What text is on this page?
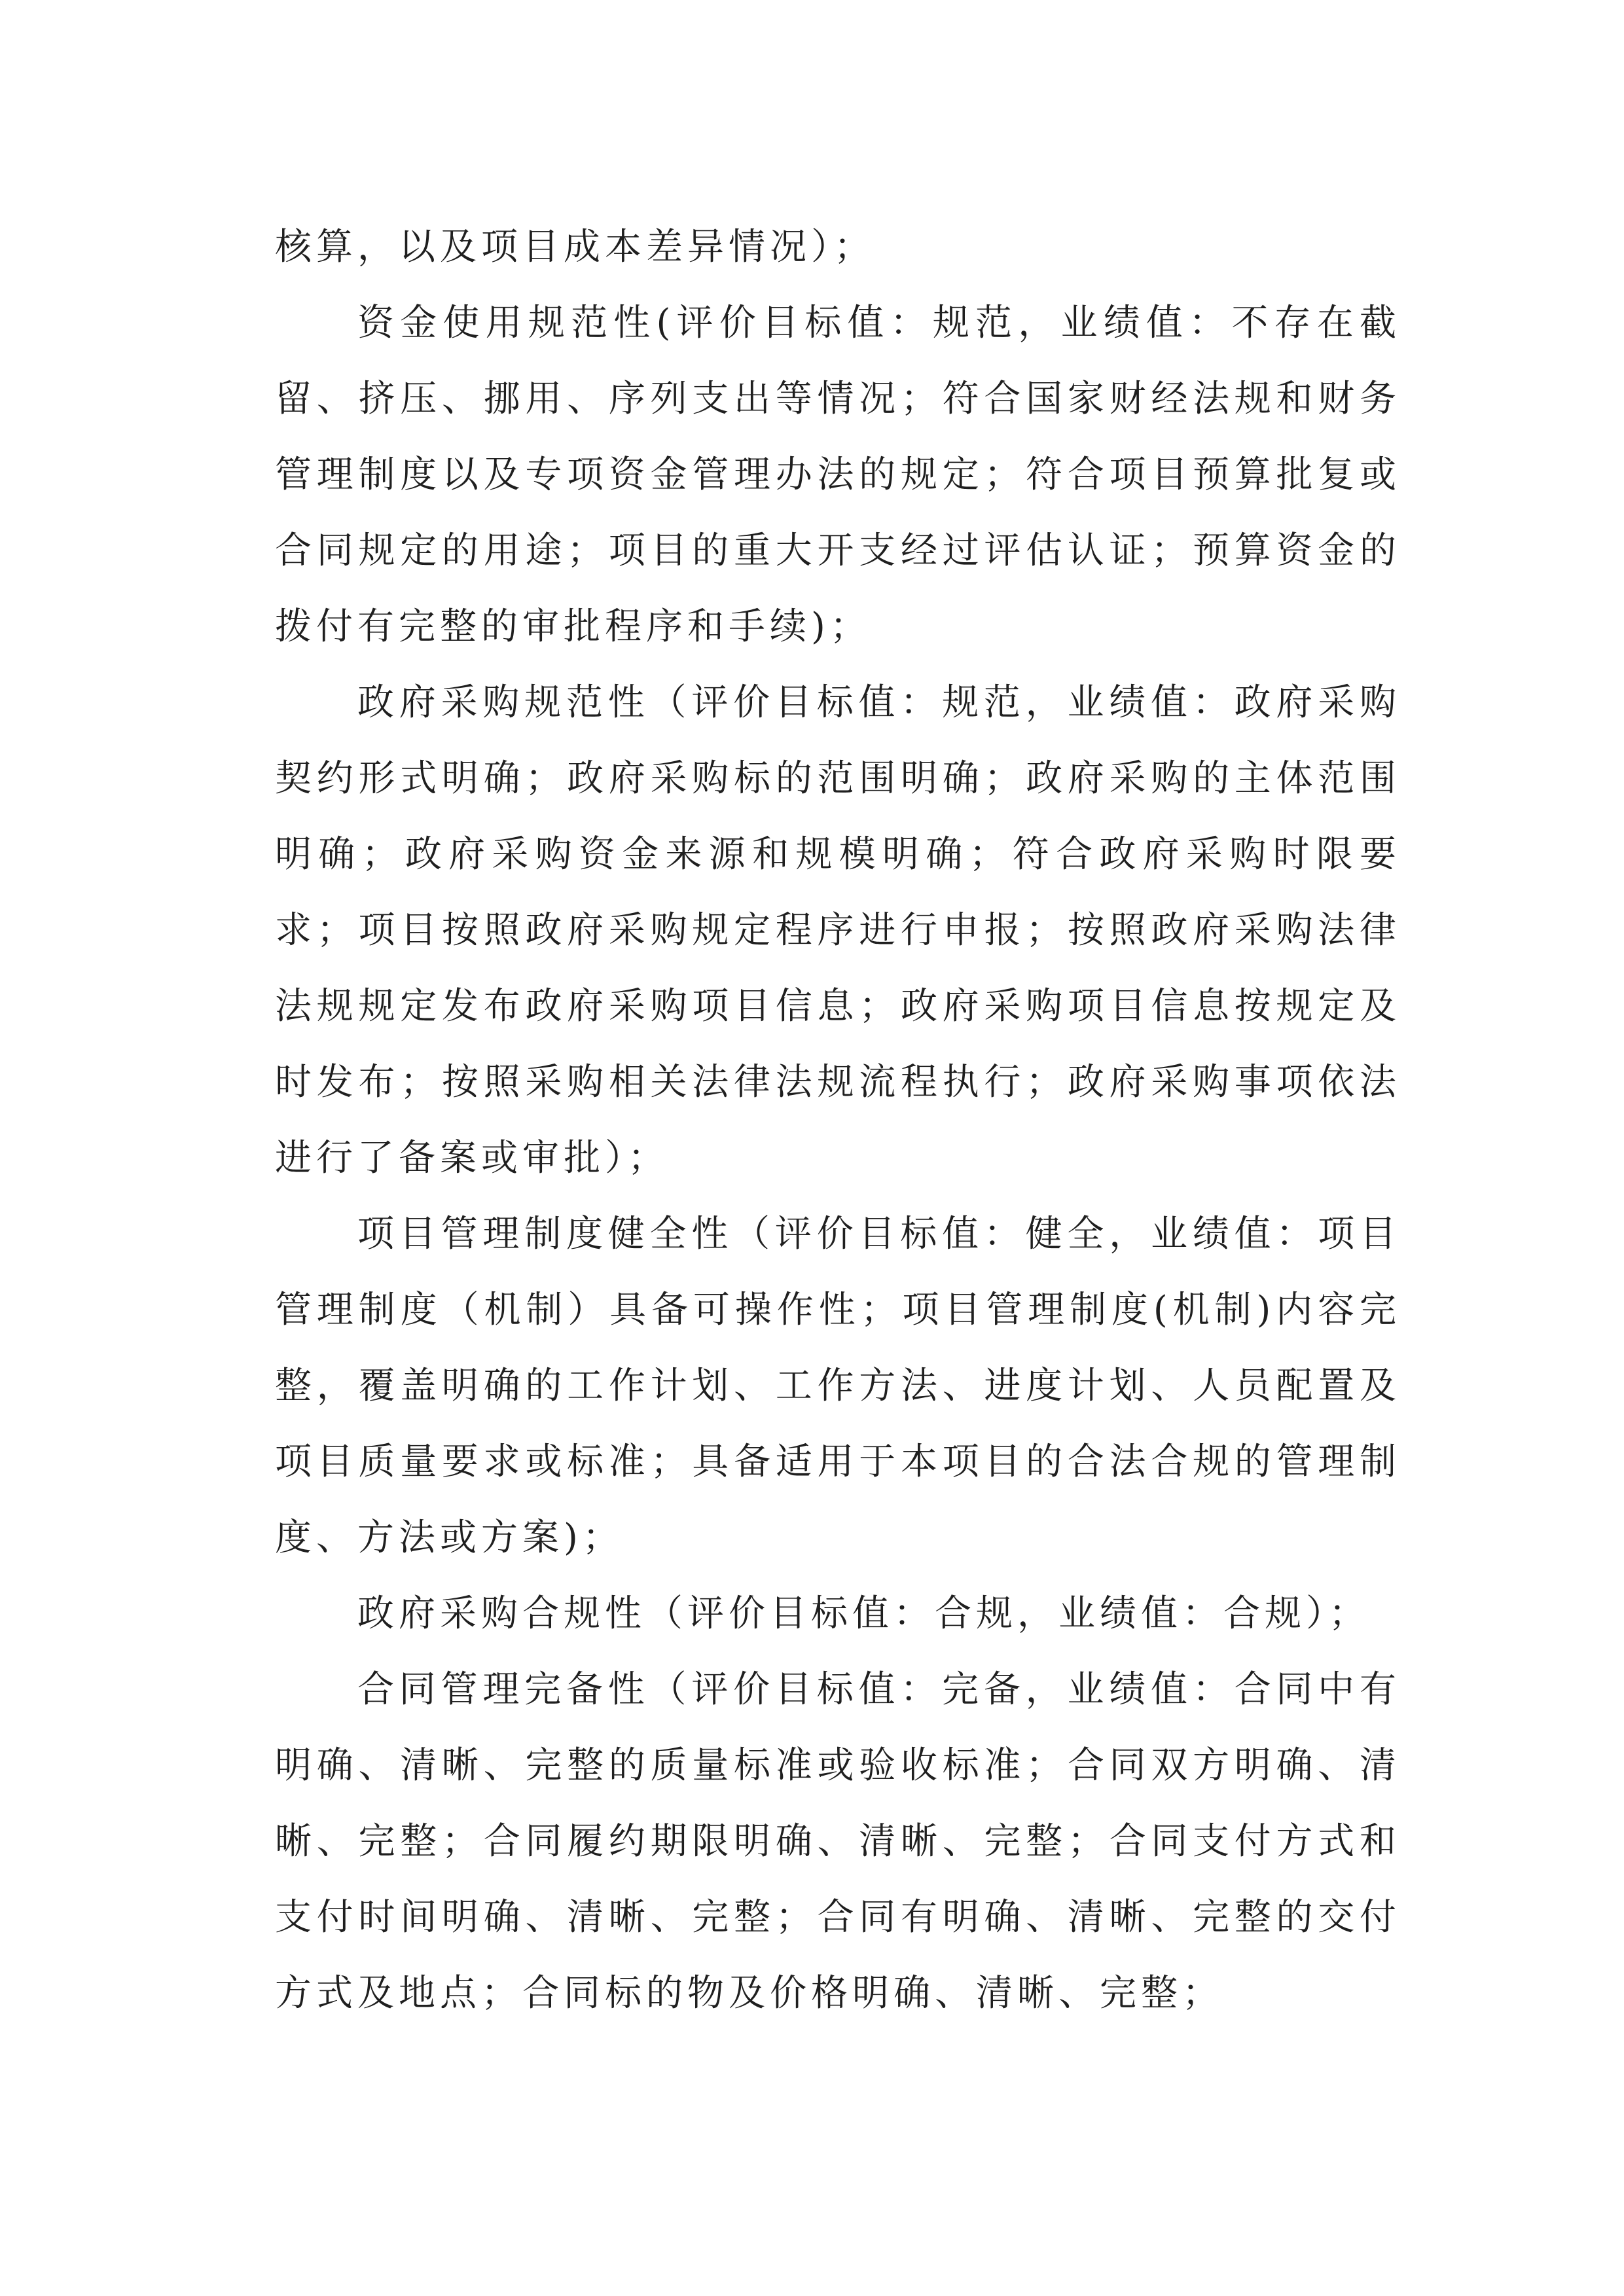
核算，以及项目成本差异情况）；

资金使用规范性(评价目标值：规范，业绩值：不存在截留、挤压、挪用、序列支出等情况；符合国家财经法规和财务管理制度以及专项资金管理办法的规定；符合项目预算批复或合同规定的用途；项目的重大开支经过评估认证；预算资金的拨付有完整的审批程序和手续)；

政府采购规范性（评价目标值：规范，业绩值：政府采购契约形式明确；政府采购标的范围明确；政府采购的主体范围明确；政府采购资金来源和规模明确；符合政府采购时限要求；项目按照政府采购规定程序进行申报；按照政府采购法律法规规定发布政府采购项目信息；政府采购项目信息按规定及时发布；按照采购相关法律法规流程执行；政府采购事项依法进行了备案或审批）；

项目管理制度健全性（评价目标值：健全，业绩值：项目管理制度（机制）具备可操作性；项目管理制度(机制)内容完整，覆盖明确的工作计划、工作方法、进度计划、人员配置及项目质量要求或标准；具备适用于本项目的合法合规的管理制度、方法或方案)；

政府采购合规性（评价目标值：合规，业绩值：合规）；

合同管理完备性（评价目标值：完备，业绩值：合同中有明确、清晰、完整的质量标准或验收标准；合同双方明确、清晰、完整；合同履约期限明确、清晰、完整；合同支付方式和支付时间明确、清晰、完整；合同有明确、清晰、完整的交付方式及地点；合同标的物及价格明确、清晰、完整；
